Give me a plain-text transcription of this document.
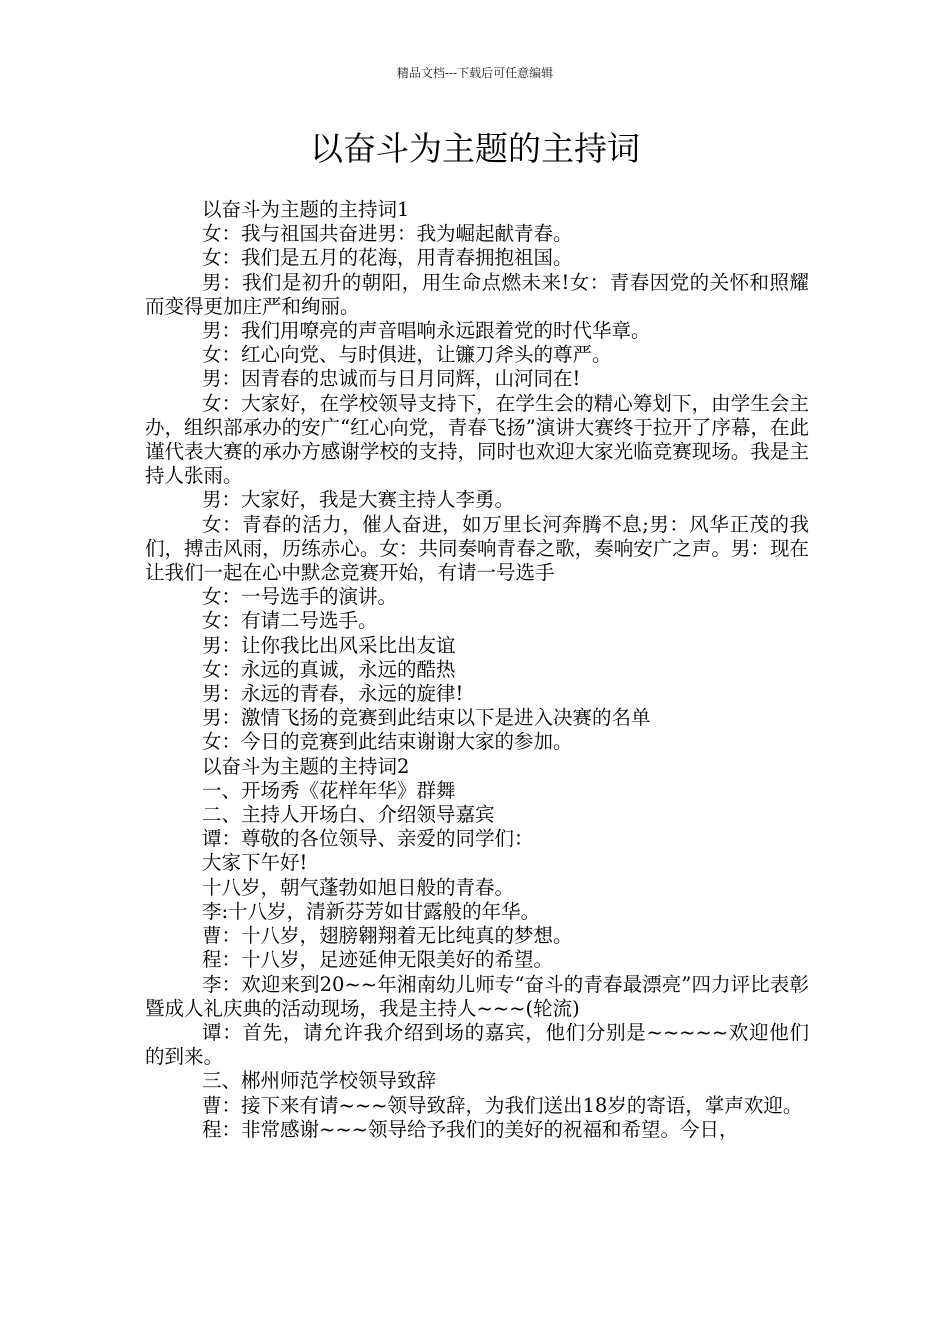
精品文档---下载后可任意编辑
以奋斗为主题的主持词

以奋斗为主题的主持词1

女：我与祖国共奋进男：我为崛起献青春。

女：我们是五月的花海，用青春拥抱祖国。

男：我们是初升的朝阳，用生命点燃未来!女：青春因党的关怀和照耀而变得更加庄严和绚丽。

男：我们用嘹亮的声音唱响永远跟着党的时代华章。

女：红心向党、与时俱进，让镰刀斧头的尊严。

男：因青春的忠诚而与日月同辉，山河同在!

女：大家好，在学校领导支持下，在学生会的精心筹划下，由学生会主办，组织部承办的安广“红心向党，青春飞扬”演讲大赛终于拉开了序幕，在此谨代表大赛的承办方感谢学校的支持，同时也欢迎大家光临竞赛现场。我是主持人张雨。

男：大家好，我是大赛主持人李勇。

女：青春的活力，催人奋进，如万里长河奔腾不息;男：风华正茂的我们，搏击风雨，历练赤心。女：共同奏响青春之歌，奏响安广之声。男：现在让我们一起在心中默念竞赛开始，有请一号选手

女：一号选手的演讲。

女：有请二号选手。

男：让你我比出风采比出友谊

女：永远的真诚，永远的酷热

男：永远的青春，永远的旋律!

男：激情飞扬的竞赛到此结束以下是进入决赛的名单

女：今日的竞赛到此结束谢谢大家的参加。

以奋斗为主题的主持词2

一、开场秀《花样年华》群舞

二、主持人开场白、介绍领导嘉宾

谭：尊敬的各位领导、亲爱的同学们：

大家下午好!

十八岁，朝气蓬勃如旭日般的青春。

李:十八岁，清新芬芳如甘露般的年华。

曹：十八岁，翅膀翱翔着无比纯真的梦想。

程：十八岁，足迹延伸无限美好的希望。

李：欢迎来到20~~年湘南幼儿师专“奋斗的青春最漂亮”四力评比表彰暨成人礼庆典的活动现场，我是主持人~~~(轮流)

谭：首先，请允许我介绍到场的嘉宾，他们分别是~~~~~欢迎他们的到来。

三、郴州师范学校领导致辞

曹：接下来有请~~~领导致辞，为我们送出18岁的寄语，掌声欢迎。

程：非常感谢~~~领导给予我们的美好的祝福和希望。今日，
